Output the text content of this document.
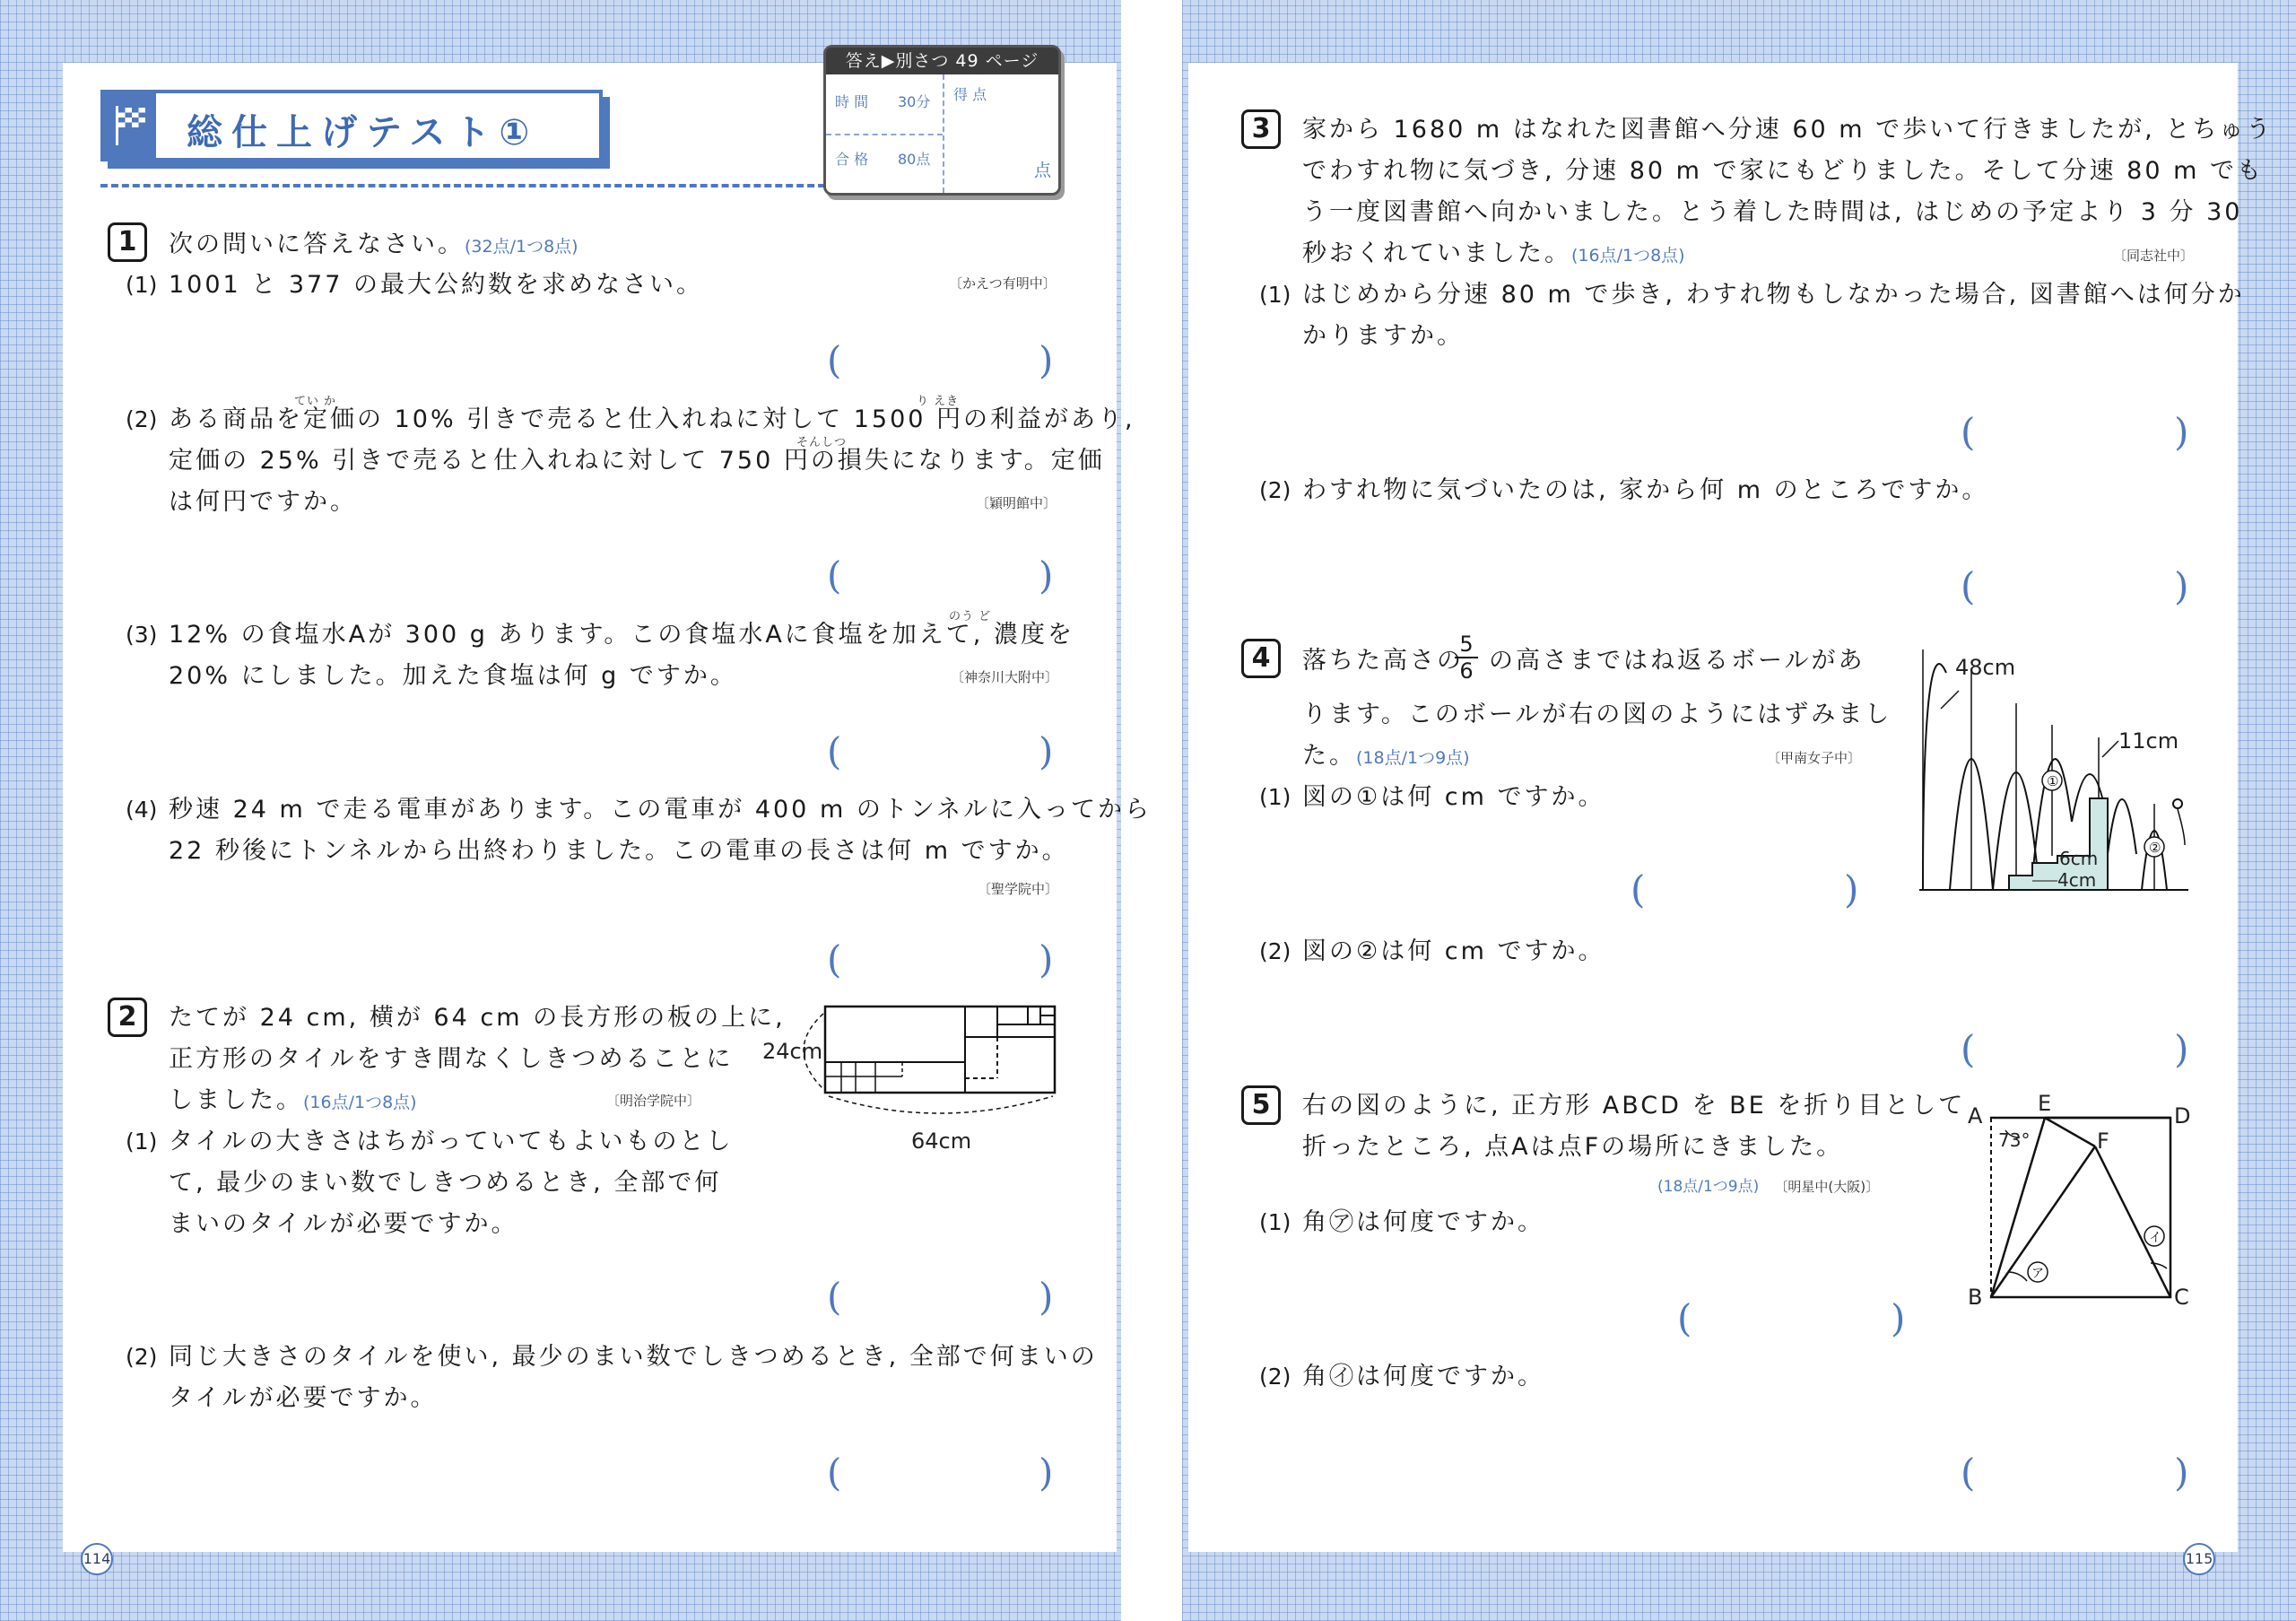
総仕上げテスト①
答え▶別さつ 49 ページ
時 間 30分
合 格 80点
得 点
点
1	次の問いに答えなさい。(32点/1つ8点)
(1) 1001 と 377 の最大公約数を求めなさい。	〔かえつ有明中〕
(	)
てい か	り えき
(2) ある商品を定価の 10% 引きで売ると仕入れねに対して 1500 円の利益があり,
そんしつ
定価の 25% 引きで売ると仕入れねに対して 750 円の損失になります。定価
は何円ですか。	〔穎明館中〕
(	)
のう ど
(3) 12% の食塩水Aが 300 g あります。この食塩水Aに食塩を加えて, 濃度を
20% にしました。加えた食塩は何 g ですか。	〔神奈川大附中〕
(	)
(4) 秒速 24 m で走る電車があります。この電車が 400 m のトンネルに入ってから
22 秒後にトンネルから出終わりました。この電車の長さは何 m ですか。
〔聖学院中〕
(	)
2	たてが 24 cm, 横が 64 cm の長方形の板の上に,
正方形のタイルをすき間なくしきつめることに
しました。(16点/1つ8点)	〔明治学院中〕
24cm
64cm
(1) タイルの大きさはちがっていてもよいものとし
て, 最少のまい数でしきつめるとき, 全部で何
まいのタイルが必要ですか。
(	)
(2) 同じ大きさのタイルを使い, 最少のまい数でしきつめるとき, 全部で何まいの
タイルが必要ですか。
(	)
114
3	家から 1680 m はなれた図書館へ分速 60 m で歩いて行きましたが, とちゅう
でわすれ物に気づき, 分速 80 m で家にもどりました。そして分速 80 m でも
う一度図書館へ向かいました。とう着した時間は, はじめの予定より 3 分 30
秒おくれていました。(16点/1つ8点)	〔同志社中〕
(1) はじめから分速 80 m で歩き, わすれ物もしなかった場合, 図書館へは何分か
かりますか。
(	)
(2) わすれ物に気づいたのは, 家から何 m のところですか。
(	)
4	落ちた高さの
$\frac{5}{6}$ の高さまではね返るボールがあ
ります。このボールが右の図のようにはずみまし
た。(18点/1つ9点)	〔甲南女子中〕
①
②
48cm
11cm
6cm
4cm
(1) 図の①は何 cm ですか。
(	)
(2) 図の②は何 cm ですか。
(	)
5	右の図のように, 正方形 ABCD を BE を折り目として
折ったところ, 点Aは点Fの場所にきました。
(18点/1つ9点) 〔明星中(大阪)〕
ア
イ
A	E	D
F
B	C
73°
(1) 角㋐は何度ですか。
(	)
(2) 角㋑は何度ですか。
(	)
115
